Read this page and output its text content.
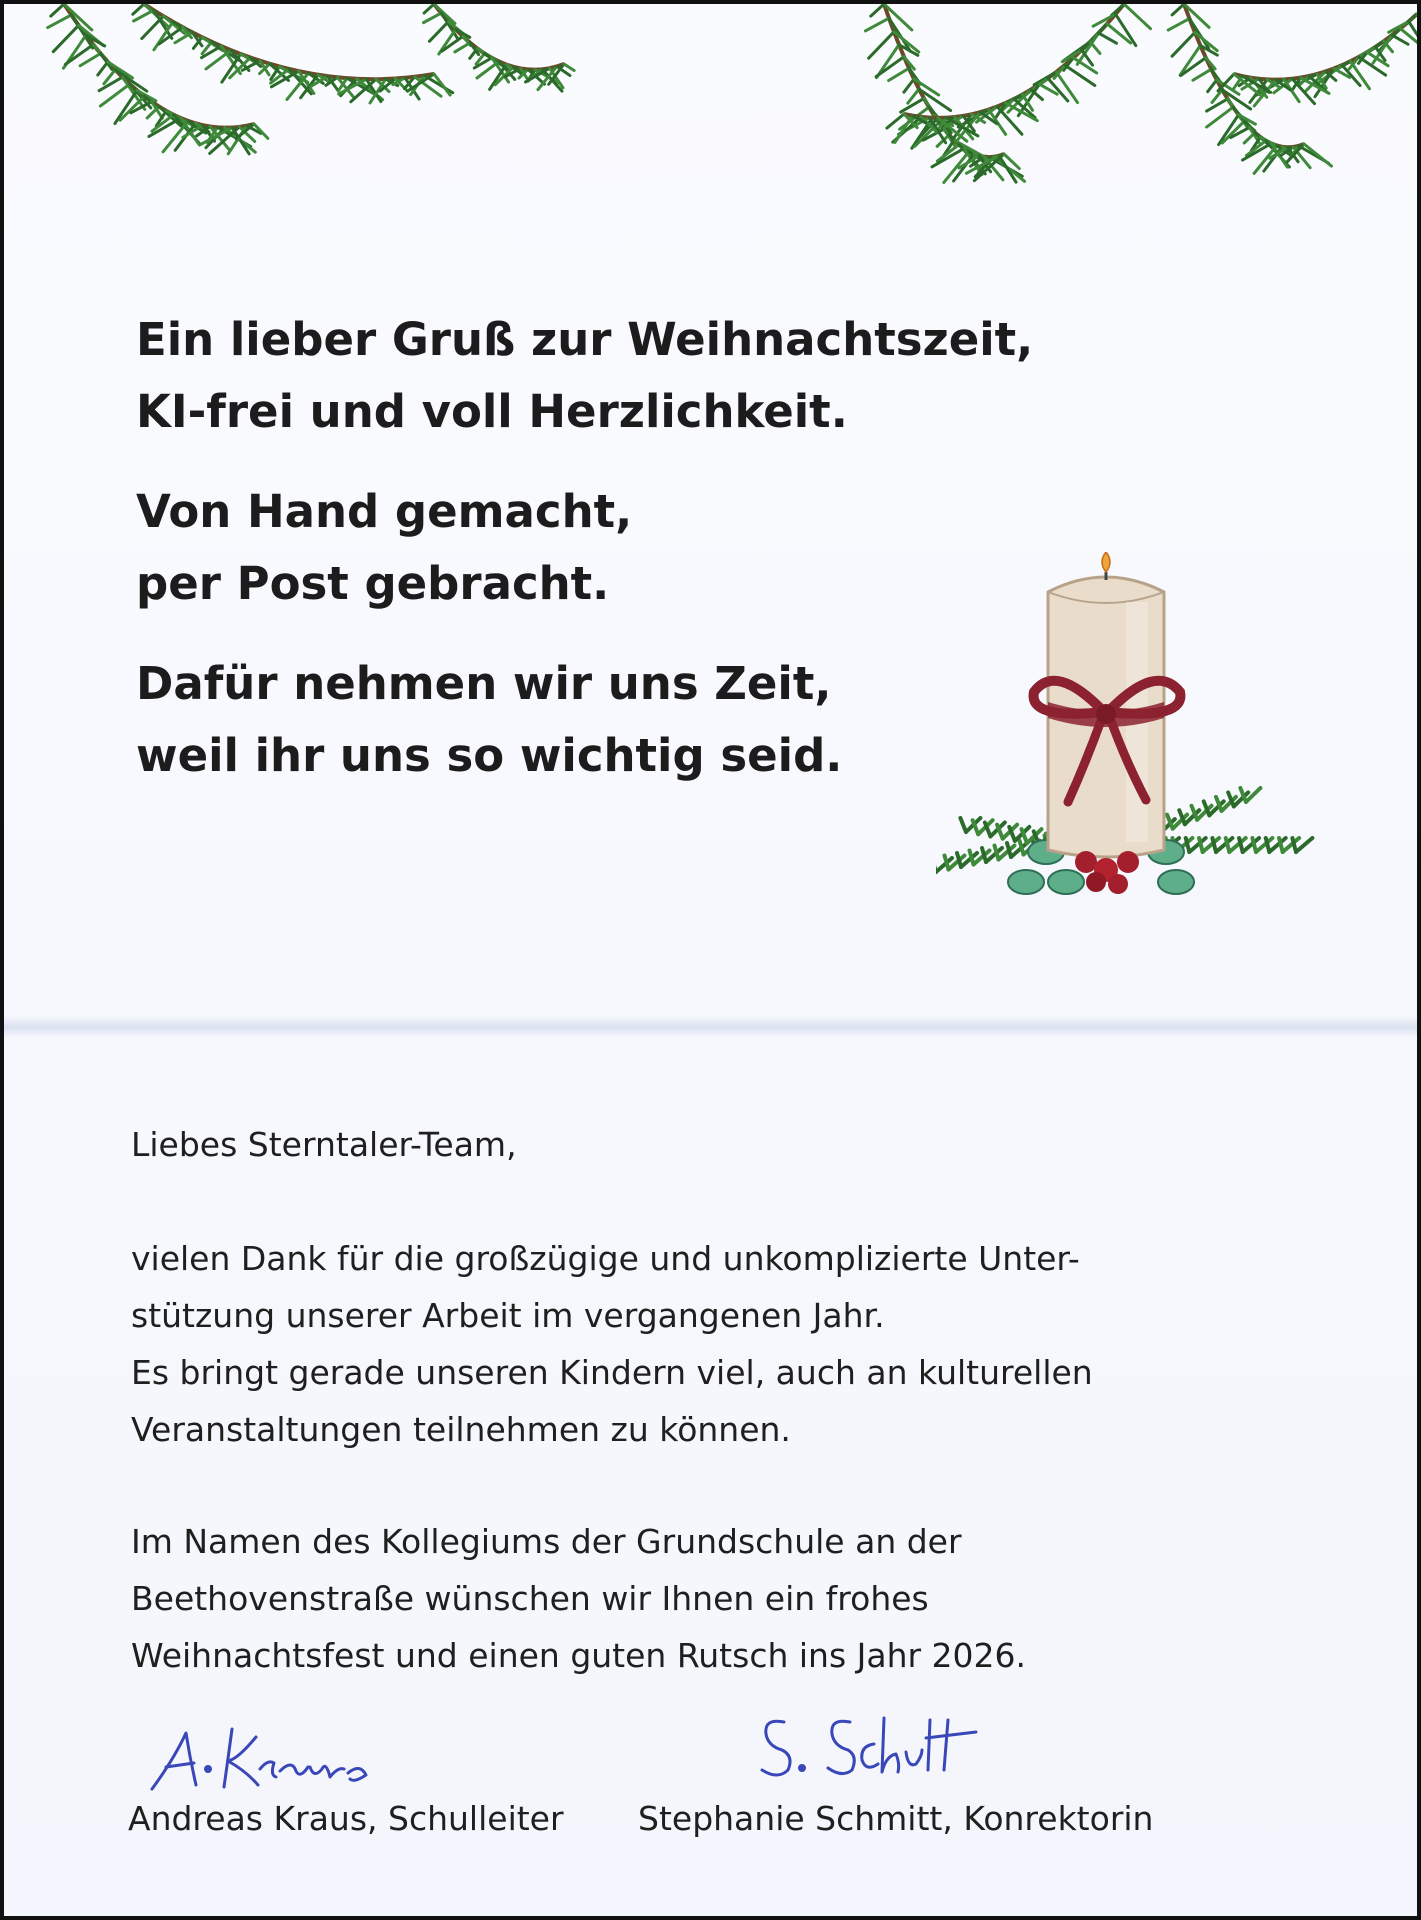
Ein lieber Gruß zur Weihnachtszeit,
KI-frei und voll Herzlichkeit.
Von Hand gemacht,
per Post gebracht.
Dafür nehmen wir uns Zeit,
weil ihr uns so wichtig seid.
Liebes Sterntaler-Team,
vielen Dank für die großzügige und unkomplizierte Unter-
stützung unserer Arbeit im vergangenen Jahr.
Es bringt gerade unseren Kindern viel, auch an kulturellen
Veranstaltungen teilnehmen zu können.
Im Namen des Kollegiums der Grundschule an der
Beethovenstraße wünschen wir Ihnen ein frohes
Weihnachtsfest und einen guten Rutsch ins Jahr 2026.
Andreas Kraus, Schulleiter Stephanie Schmitt, Konrektorin
